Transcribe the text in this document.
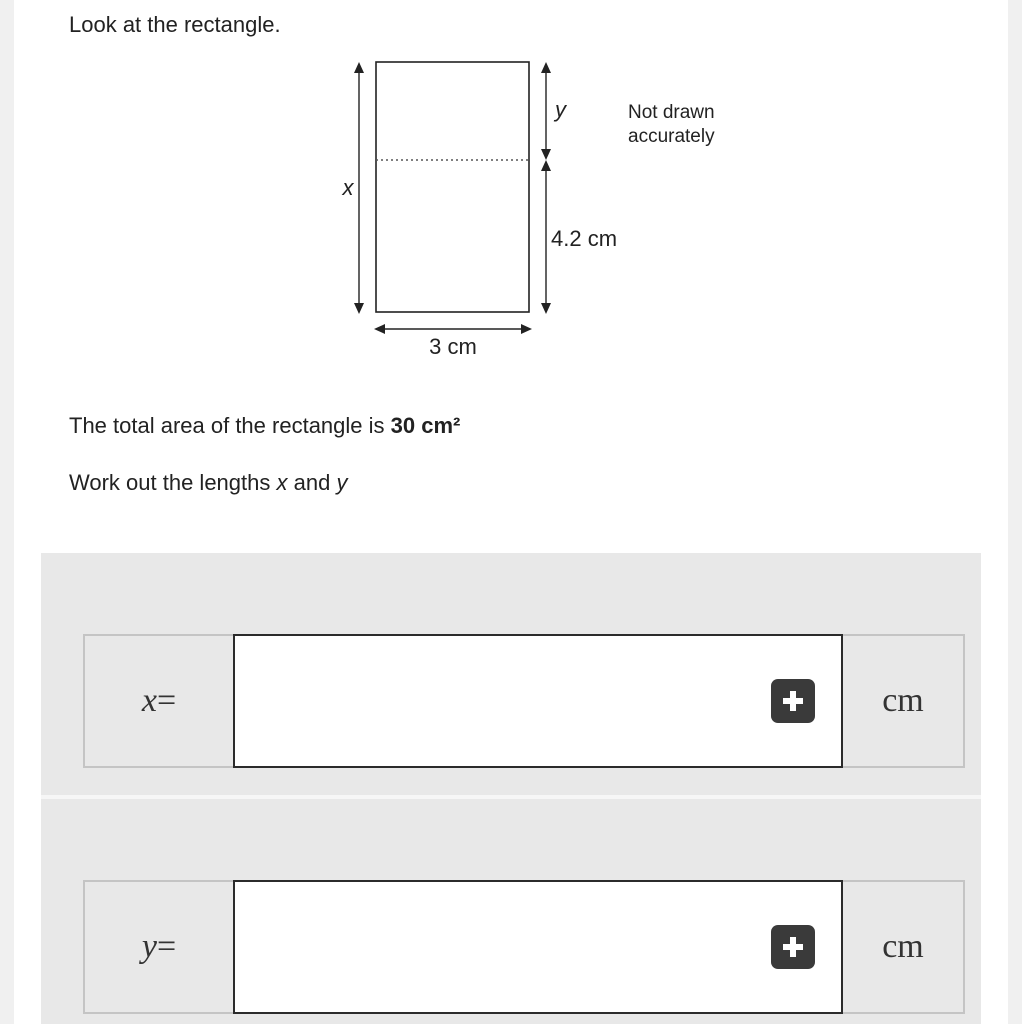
Look at the rectangle.
x
y
4.2 cm
3 cm
Not drawn
accurately
The total area of the rectangle is 30 cm²
Work out the lengths x and y
x =	cm
y =	cm
